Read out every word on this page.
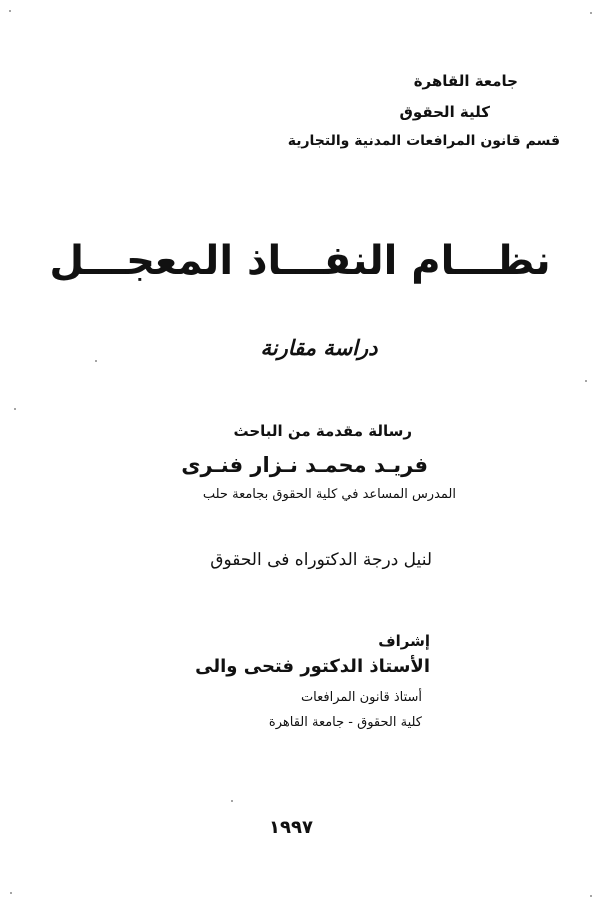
جامعة القاهرة
كلية الحقوق
قسم قانون المرافعات المدنية والتجارية
نظـــام النفـــاذ المعجـــل
دراسة مقارنة
رسالة مقدمة من الباحث
فريـد محمـد نـزار فنـرى
المدرس المساعد في كلية الحقوق بجامعة حلب
لنيل درجة الدكتوراه فى الحقوق
إشراف
الأستاذ الدكتور فتحى والى
أستاذ قانون المرافعات
كلية الحقوق - جامعة القاهرة
١٩٩٧
